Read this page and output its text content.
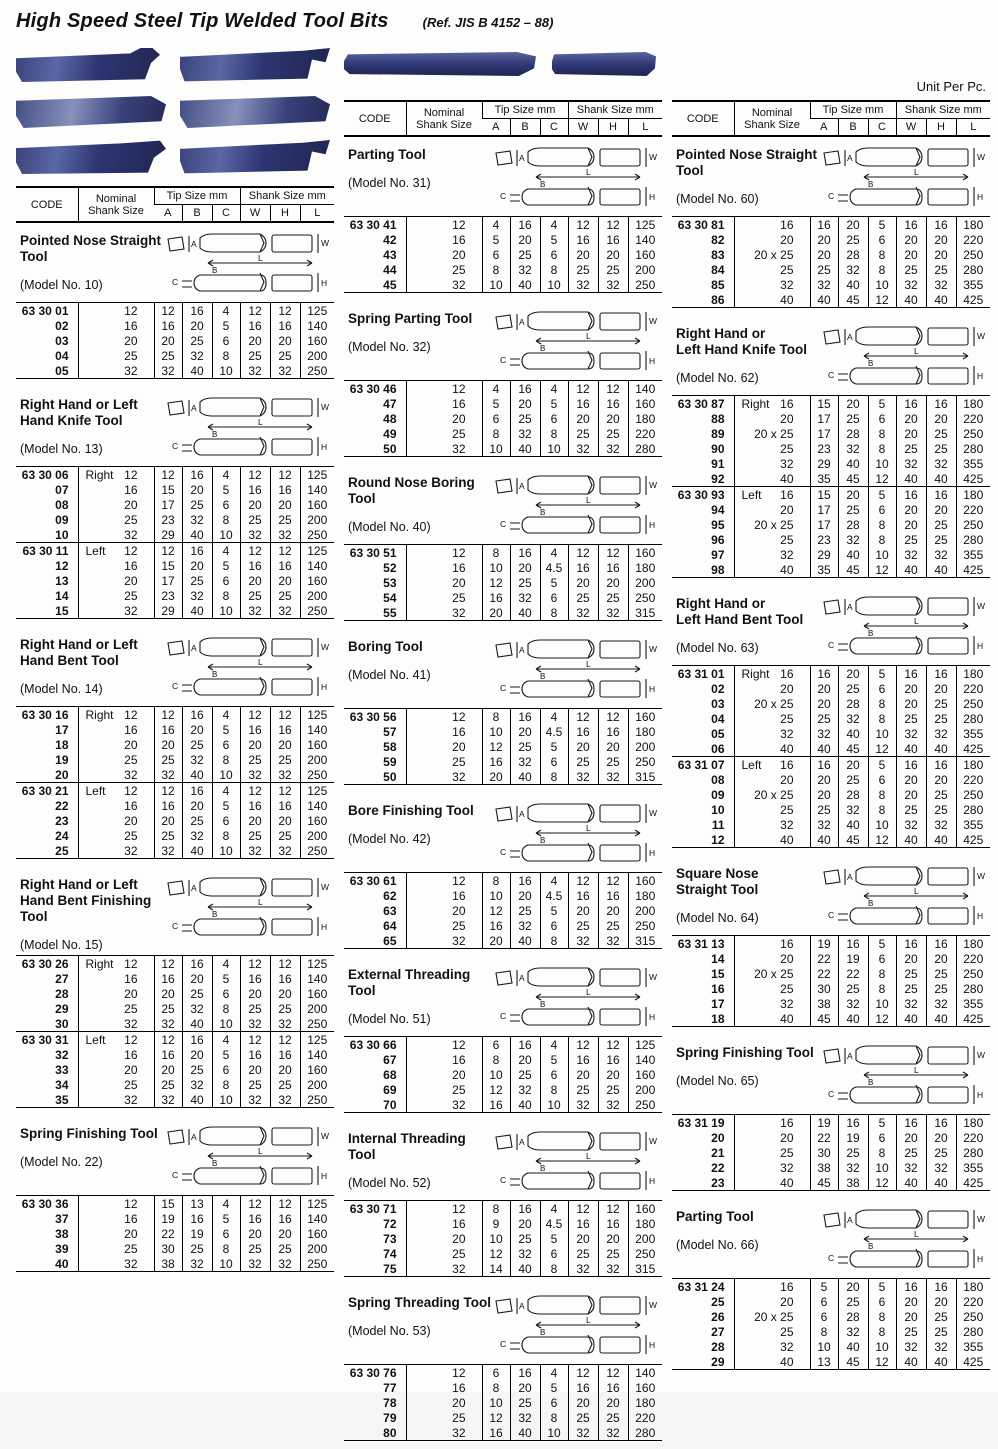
High Speed Steel Tip Welded Tool Bits	(Ref. JIS B 4152 – 88)
CODE	Nominal
Shank Size	Tip Size mm			Shank Size mm		
		A	B	C	W	H	L
Pointed Nose Straight Tool
(Model No. 10)
A
B
C
W
L
H
63 30 01	12	12	16	4	12	12	125
02	16	16	20	5	16	16	140
03	20	20	25	6	20	20	160
04	25	25	32	8	25	25	200
05	32	32	40	10	32	32	250
Right Hand or Left Hand Knife Tool
(Model No. 13)
A
B
C
W
L
H
63 30 06	Right 12	12	16	4	12	12	125
07	16	15	20	5	16	16	140
08	20	17	25	6	20	20	160
09	25	23	32	8	25	25	200
10	32	29	40	10	32	32	250
63 30 11	Left 12	12	16	4	12	12	125
12	16	15	20	5	16	16	140
13	20	17	25	6	20	20	160
14	25	23	32	8	25	25	200
15	32	29	40	10	32	32	250
Right Hand or Left Hand Bent Tool
(Model No. 14)
A
B
C
W
L
H
63 30 16	Right 12	12	16	4	12	12	125
17	16	16	20	5	16	16	140
18	20	20	25	6	20	20	160
19	25	25	32	8	25	25	200
20	32	32	40	10	32	32	250
63 30 21	Left 12	12	16	4	12	12	125
22	16	16	20	5	16	16	140
23	20	20	25	6	20	20	160
24	25	25	32	8	25	25	200
25	32	32	40	10	32	32	250
Right Hand or Left Hand Bent Finishing Tool
(Model No. 15)
A
B
C
W
L
H
63 30 26	Right 12	12	16	4	12	12	125
27	16	16	20	5	16	16	140
28	20	20	25	6	20	20	160
29	25	25	32	8	25	25	200
30	32	32	40	10	32	32	250
63 30 31	Left 12	12	16	4	12	12	125
32	16	16	20	5	16	16	140
33	20	20	25	6	20	20	160
34	25	25	32	8	25	25	200
35	32	32	40	10	32	32	250
Spring Finishing Tool
(Model No. 22)
A
B
C
W
L
H
63 30 36	12	15	13	4	12	12	125
37	16	19	16	5	16	16	140
38	20	22	19	6	20	20	160
39	25	30	25	8	25	25	200
40	32	38	32	10	32	32	250
CODE	Nominal
Shank Size	Tip Size mm			Shank Size mm		
		A	B	C	W	H	L
Parting Tool
(Model No. 31)
A
B
C
W
L
H
63 30 41	12	4	16	4	12	12	125
42	16	5	20	5	16	16	140
43	20	6	25	6	20	20	160
44	25	8	32	8	25	25	200
45	32	10	40	10	32	32	250
Spring Parting Tool
(Model No. 32)
A
B
C
W
L
H
63 30 46	12	4	16	4	12	12	140
47	16	5	20	5	16	16	160
48	20	6	25	6	20	20	180
49	25	8	32	8	25	25	220
50	32	10	40	10	32	32	280
Round Nose Boring Tool
(Model No. 40)
A
B
C
W
L
H
63 30 51	12	8	16	4	12	12	160
52	16	10	20	4.5	16	16	180
53	20	12	25	5	20	20	200
54	25	16	32	6	25	25	250
55	32	20	40	8	32	32	315
Boring Tool
(Model No. 41)
A
B
C
W
L
H
63 30 56	12	8	16	4	12	12	160
57	16	10	20	4.5	16	16	180
58	20	12	25	5	20	20	200
59	25	16	32	6	25	25	250
50	32	20	40	8	32	32	315
Bore Finishing Tool
(Model No. 42)
A
B
C
W
L
H
63 30 61	12	8	16	4	12	12	160
62	16	10	20	4.5	16	16	180
63	20	12	25	5	20	20	200
64	25	16	32	6	25	25	250
65	32	20	40	8	32	32	315
External Threading Tool
(Model No. 51)
A
B
C
W
L
H
63 30 66	12	6	16	4	12	12	125
67	16	8	20	5	16	16	140
68	20	10	25	6	20	20	160
69	25	12	32	8	25	25	200
70	32	16	40	10	32	32	250
Internal Threading Tool
(Model No. 52)
A
B
C
W
L
H
63 30 71	12	8	16	4	12	12	160
72	16	9	20	4.5	16	16	180
73	20	10	25	5	20	20	200
74	25	12	32	6	25	25	250
75	32	14	40	8	32	32	315
Spring Threading Tool
(Model No. 53)
A
B
C
W
L
H
63 30 76	12	6	16	4	12	12	140
77	16	8	20	5	16	16	160
78	20	10	25	6	20	20	180
79	25	12	32	8	25	25	220
80	32	16	40	10	32	32	280
Unit Per Pc.
CODE	Nominal
Shank Size	Tip Size mm			Shank Size mm		
		A	B	C	W	H	L
Pointed Nose Straight Tool
(Model No. 60)
A
B
C
W
L
H
63 30 81	16	16	20	5	16	16	180
82	20	20	25	6	20	20	220
83	20 x 25	20	28	8	20	20	250
84	25	25	32	8	25	25	280
85	32	32	40	10	32	32	355
86	40	40	45	12	40	40	425
Right Hand or
Left Hand Knife Tool
(Model No. 62)
A
B
C
W
L
H
63 30 87	Right 16	15	20	5	16	16	180
88	20	17	25	6	20	20	220
89	20 x 25	17	28	8	20	25	250
90	25	23	32	8	25	25	280
91	32	29	40	10	32	32	355
92	40	35	45	12	40	40	425
63 30 93	Left 16	15	20	5	16	16	180
94	20	17	25	6	20	20	220
95	20 x 25	17	28	8	20	25	250
96	25	23	32	8	25	25	280
97	32	29	40	10	32	32	355
98	40	35	45	12	40	40	425
Right Hand or
Left Hand Bent Tool
(Model No. 63)
A
B
C
W
L
H
63 31 01	Right 16	16	20	5	16	16	180
02	20	20	25	6	20	20	220
03	20 x 25	20	28	8	20	25	250
04	25	25	32	8	25	25	280
05	32	32	40	10	32	32	355
06	40	40	45	12	40	40	425
63 31 07	Left 16	16	20	5	16	16	180
08	20	20	25	6	20	20	220
09	20 x 25	20	28	8	20	25	250
10	25	25	32	8	25	25	280
11	32	32	40	10	32	32	355
12	40	40	45	12	40	40	425
Square Nose
Straight Tool
(Model No. 64)
A
B
C
W
L
H
63 31 13	16	19	16	5	16	16	180
14	20	22	19	6	20	20	220
15	20 x 25	22	22	8	25	25	250
16	25	30	25	8	25	25	280
17	32	38	32	10	32	32	355
18	40	45	40	12	40	40	425
Spring Finishing Tool
(Model No. 65)
A
B
C
W
L
H
63 31 19	16	19	16	5	16	16	180
20	20	22	19	6	20	20	220
21	25	30	25	8	25	25	280
22	32	38	32	10	32	32	355
23	40	45	38	12	40	40	425
Parting Tool
(Model No. 66)
A
B
C
W
L
H
63 31 24	16	5	20	5	16	16	180
25	20	6	25	6	20	20	220
26	20 x 25	6	28	8	20	25	250
27	25	8	32	8	25	25	280
28	32	10	40	10	32	32	355
29	40	13	45	12	40	40	425
